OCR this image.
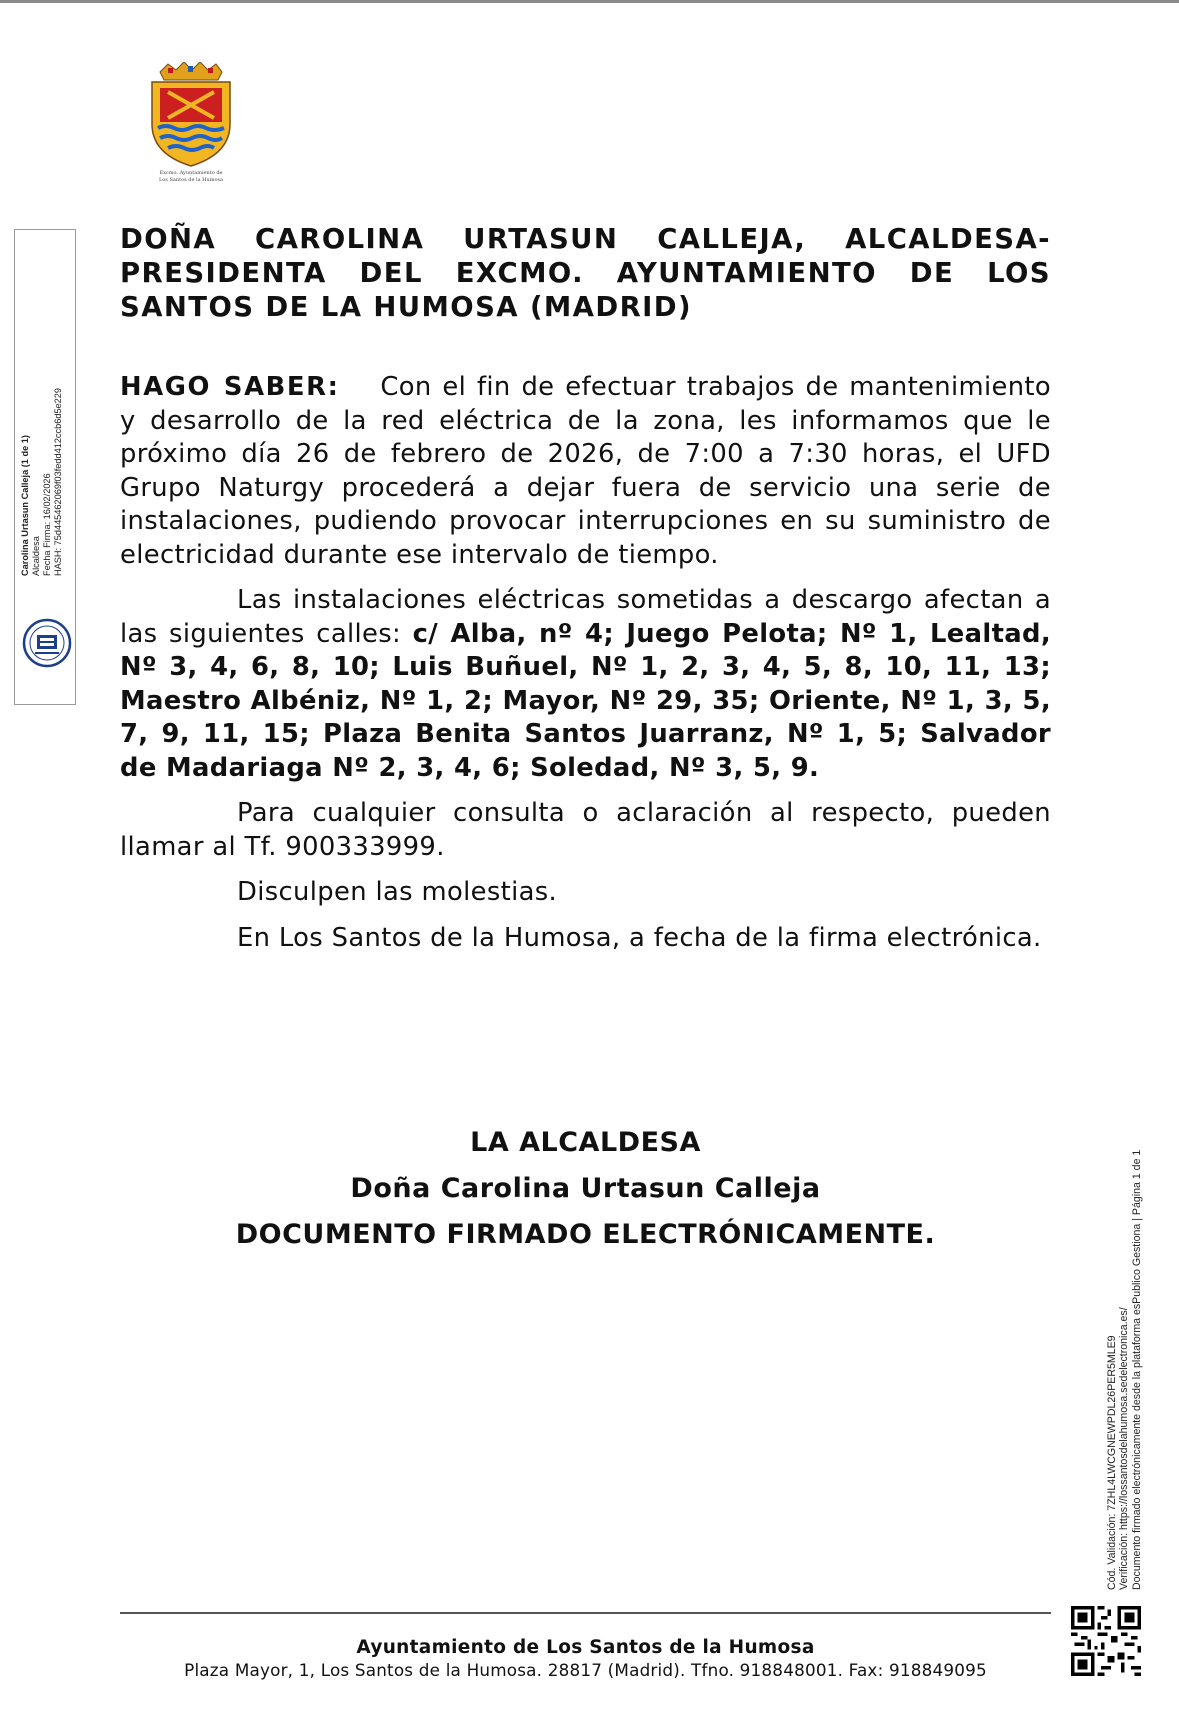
Excmo. Ayuntamiento de
Los Santos de la Humosa
Carolina Urtasun Calleja (1 de 1) Alcaldesa Fecha Firma: 16/02/2026 HASH: 75d445462069f03fedd412ccb6d5e229
DOÑA CAROLINA URTASUN CALLEJA, ALCALDESA-PRESIDENTA DEL EXCMO. AYUNTAMIENTO DE LOS SANTOS DE LA HUMOSA (MADRID)

HAGO SABER: Con el fin de efectuar trabajos de mantenimiento y desarrollo de la red eléctrica de la zona, les informamos que le próximo día 26 de febrero de 2026, de 7:00 a 7:30 horas, el UFD Grupo Naturgy procederá a dejar fuera de servicio una serie de instalaciones, pudiendo provocar interrupciones en su suministro de electricidad durante ese intervalo de tiempo.

Las instalaciones eléctricas sometidas a descargo afectan a las siguientes calles: c/ Alba, nº 4; Juego Pelota; Nº 1, Lealtad, Nº 3, 4, 6, 8, 10; Luis Buñuel, Nº 1, 2, 3, 4, 5, 8, 10, 11, 13; Maestro Albéniz, Nº 1, 2; Mayor, Nº 29, 35; Oriente, Nº 1, 3, 5, 7, 9, 11, 15; Plaza Benita Santos Juarranz, Nº 1, 5; Salvador de Madariaga Nº 2, 3, 4, 6; Soledad, Nº 3, 5, 9.

Para cualquier consulta o aclaración al respecto, pueden llamar al Tf. 900333999.

Disculpen las molestias.

En Los Santos de la Humosa, a fecha de la firma electrónica.

LA ALCALDESA
Doña Carolina Urtasun Calleja
DOCUMENTO FIRMADO ELECTRÓNICAMENTE.
Cód. Validación: 7ZHL4LWCGNEWPDL26PER5MLE9 Verificación: https://lossantosdelahumosa.sedelectronica.es/ Documento firmado electrónicamente desde la plataforma esPublico Gestiona | Página 1 de 1
Ayuntamiento de Los Santos de la Humosa
Plaza Mayor, 1, Los Santos de la Humosa. 28817 (Madrid). Tfno. 918848001. Fax: 918849095
